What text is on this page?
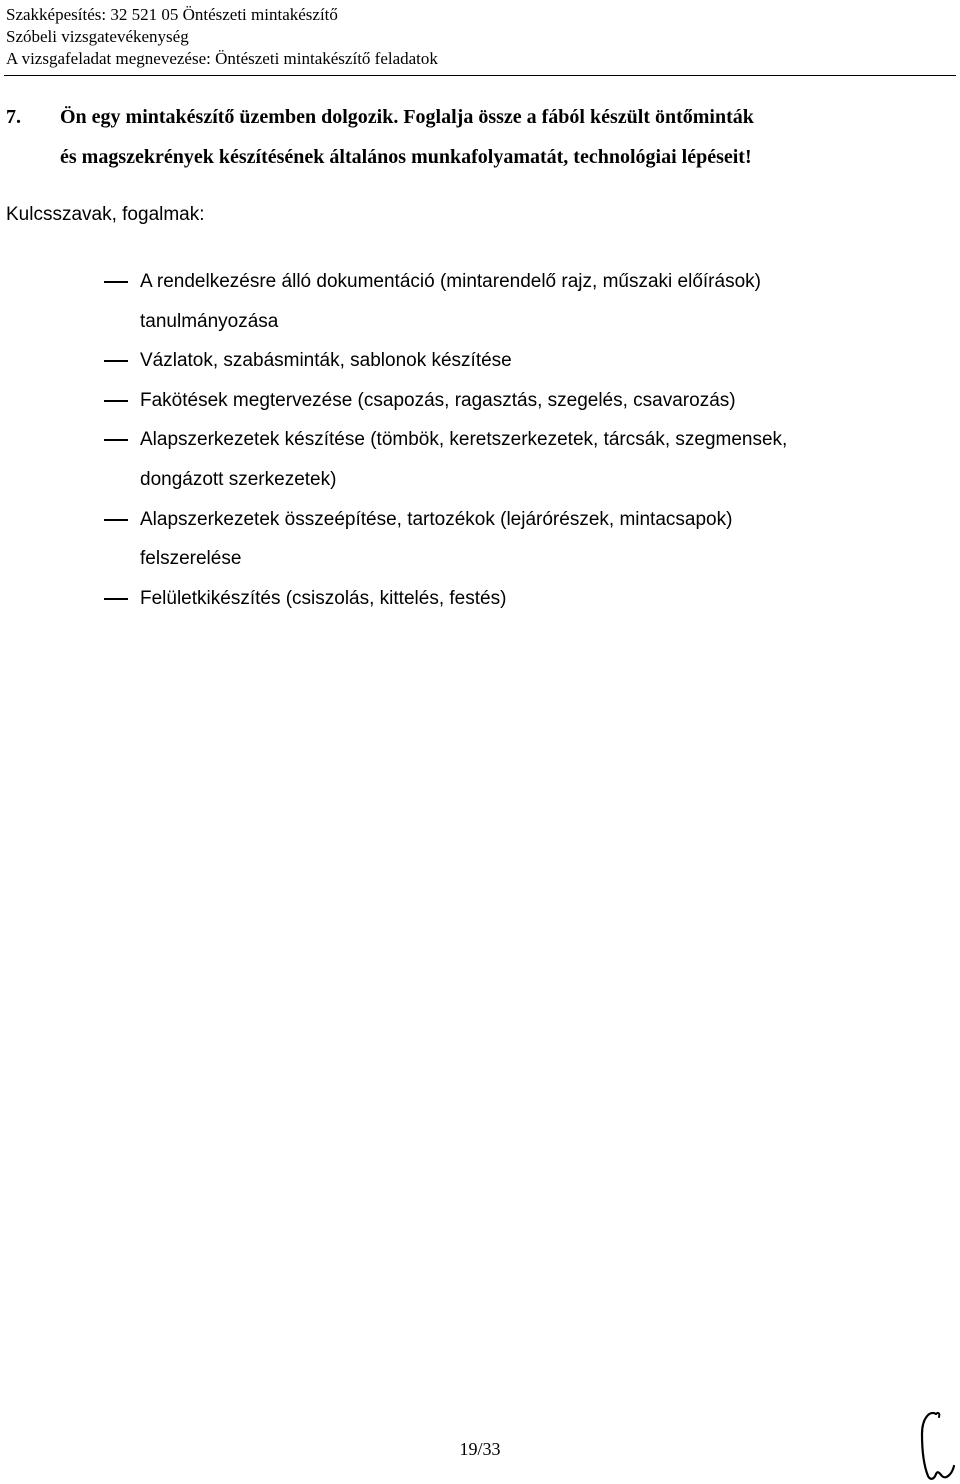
Szakképesítés: 32 521 05 Öntészeti mintakészítő
Szóbeli vizsgatevékenység
A vizsgafeladat megnevezése: Öntészeti mintakészítő feladatok
7. Ön egy mintakészítő üzemben dolgozik. Foglalja össze a fából készült öntőminták
és magszekrények készítésének általános munkafolyamatát, technológiai lépéseit!
Kulcsszavak, fogalmak:
A rendelkezésre álló dokumentáció (mintarendelő rajz, műszaki előírások)
tanulmányozása
Vázlatok, szabásminták, sablonok készítése
Fakötések megtervezése (csapozás, ragasztás, szegelés, csavarozás)
Alapszerkezetek készítése (tömbök, keretszerkezetek, tárcsák, szegmensek,
dongázott szerkezetek)
Alapszerkezetek összeépítése, tartozékok (lejárórészek, mintacsapok)
felszerelése
Felületkikészítés (csiszolás, kittelés, festés)
19/33
